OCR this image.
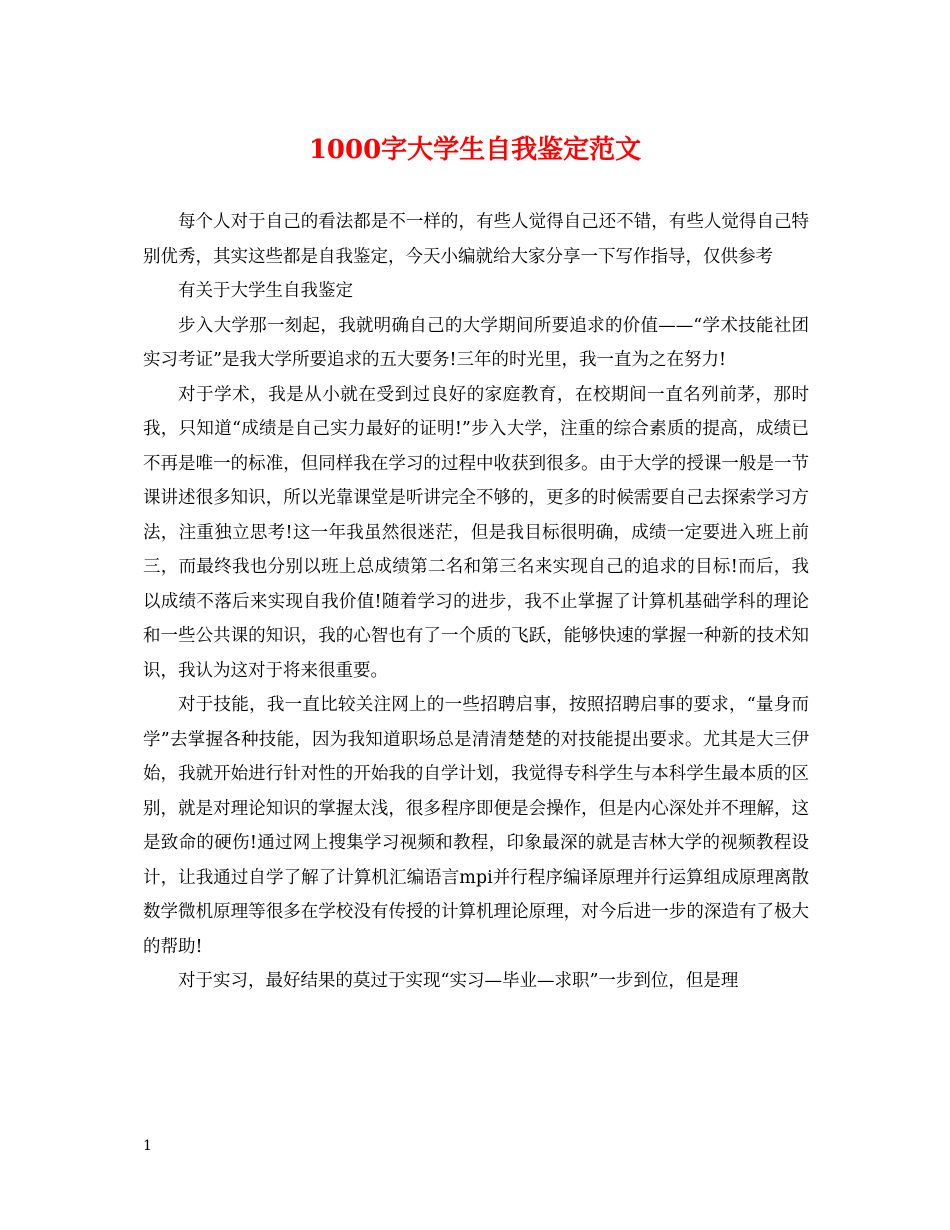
1000字大学生自我鉴定范文

每个人对于自己的看法都是不一样的，有些人觉得自己还不错，有些人觉得自己特别优秀，其实这些都是自我鉴定，今天小编就给大家分享一下写作指导，仅供参考

有关于大学生自我鉴定

步入大学那一刻起，我就明确自己的大学期间所要追求的价值——“学术技能社团实习考证”是我大学所要追求的五大要务!三年的时光里，我一直为之在努力!

对于学术，我是从小就在受到过良好的家庭教育，在校期间一直名列前茅，那时我，只知道“成绩是自己实力最好的证明!”步入大学，注重的综合素质的提高，成绩已不再是唯一的标准，但同样我在学习的过程中收获到很多。由于大学的授课一般是一节课讲述很多知识，所以光靠课堂是听讲完全不够的，更多的时候需要自己去探索学习方法，注重独立思考!这一年我虽然很迷茫，但是我目标很明确，成绩一定要进入班上前三，而最终我也分别以班上总成绩第二名和第三名来实现自己的追求的目标!而后，我以成绩不落后来实现自我价值!随着学习的进步，我不止掌握了计算机基础学科的理论和一些公共课的知识，我的心智也有了一个质的飞跃，能够快速的掌握一种新的技术知识，我认为这对于将来很重要。

对于技能，我一直比较关注网上的一些招聘启事，按照招聘启事的要求，“量身而学”去掌握各种技能，因为我知道职场总是清清楚楚的对技能提出要求。尤其是大三伊始，我就开始进行针对性的开始我的自学计划，我觉得专科学生与本科学生最本质的区别，就是对理论知识的掌握太浅，很多程序即便是会操作，但是内心深处并不理解，这是致命的硬伤!通过网上搜集学习视频和教程，印象最深的就是吉林大学的视频教程设计，让我通过自学了解了计算机汇编语言mpi并行程序编译原理并行运算组成原理离散数学微机原理等很多在学校没有传授的计算机理论原理，对今后进一步的深造有了极大的帮助!

对于实习，最好结果的莫过于实现“实习—毕业—求职”一步到位，但是理

1
